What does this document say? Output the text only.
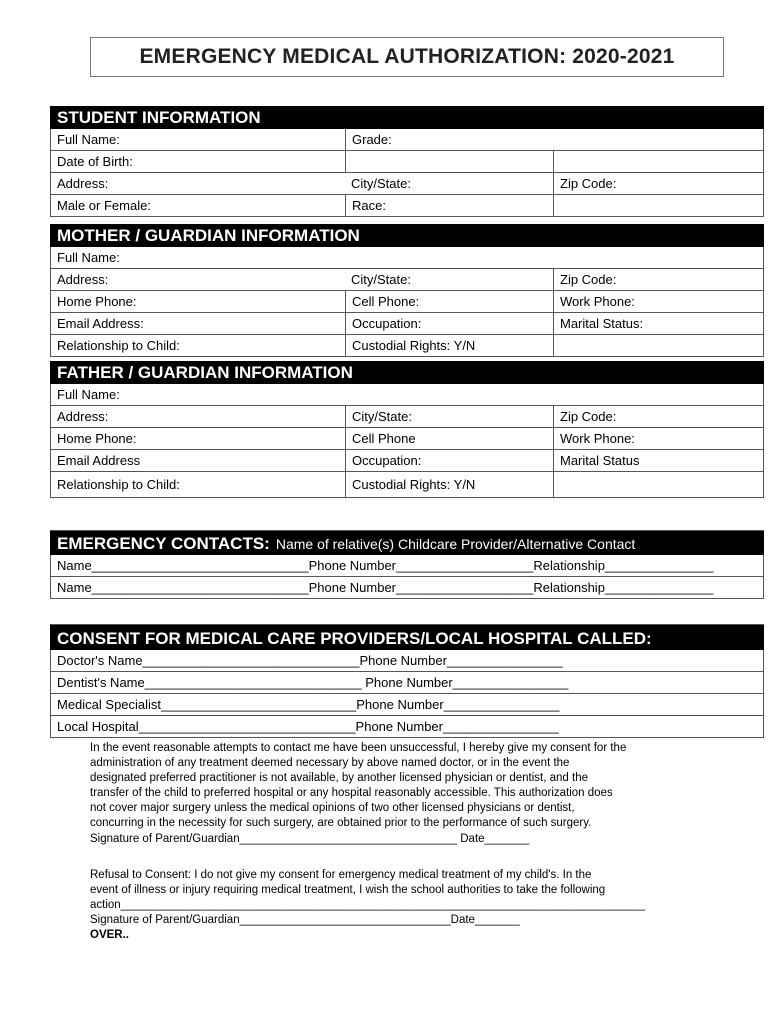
EMERGENCY MEDICAL AUTHORIZATION: 2020-2021
STUDENT INFORMATION
Full Name:	Grade:
Date of Birth:
Address:	City/State:	Zip Code:
Male or Female:	Race:
MOTHER / GUARDIAN INFORMATION
Full Name:
Address:	City/State:	Zip Code:
Home Phone:	Cell Phone:	Work Phone:
Email Address:	Occupation:	Marital Status:
Relationship to Child:	Custodial Rights: Y/N
FATHER / GUARDIAN INFORMATION
Full Name:
Address:	City/State:	Zip Code:
Home Phone:	Cell Phone	Work Phone:
Email Address	Occupation:	Marital Status
Relationship to Child:	Custodial Rights: Y/N
EMERGENCY CONTACTS: Name of relative(s) Childcare Provider/Alternative Contact
Name______________________________Phone Number___________________Relationship_______________
Name______________________________Phone Number___________________Relationship_______________
CONSENT FOR MEDICAL CARE PROVIDERS/LOCAL HOSPITAL CALLED:
Doctor's Name______________________________Phone Number________________
Dentist's Name______________________________ Phone Number________________
Medical Specialist___________________________Phone Number________________
Local Hospital______________________________Phone Number________________

In the event reasonable attempts to contact me have been unsuccessful, I hereby give my consent for the

administration of any treatment deemed necessary by above named doctor, or in the event the

designated preferred practitioner is not available, by another licensed physician or dentist, and the

transfer of the child to preferred hospital or any hospital reasonably accessible. This authorization does

not cover major surgery unless the medical opinions of two other licensed physicians or dentist,

concurring in the necessity for such surgery, are obtained prior to the performance of such surgery.

Signature of Parent/Guardian__________________________________ Date_______

Refusal to Consent: I do not give my consent for emergency medical treatment of my child's. In the

event of illness or injury requiring medical treatment, I wish the school authorities to take the following

action__________________________________________________________________________________

Signature of Parent/Guardian_________________________________Date_______

OVER..
